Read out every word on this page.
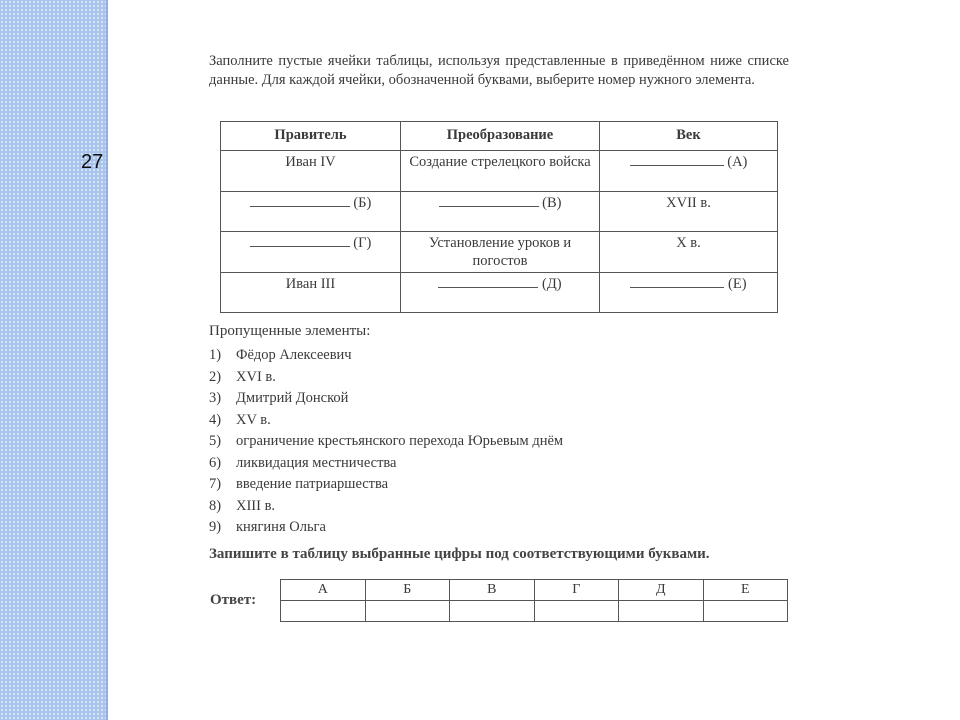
27

Заполните пустые ячейки таблицы, используя представленные в приведённом ниже списке данные. Для каждой ячейки, обозначенной буквами, выберите номер нужного элемента.

Правитель	Преобразование	Век
Иван IV	Создание стрелецкого войска	(А)
(Б)	(В)	XVII в.
(Г)	Установление уроков и погостов	X в.
Иван III	(Д)	(Е)
Пропущенные элементы:
1) Фёдор Алексеевич
2) XVI в.
3) Дмитрий Донской
4) XV в.
5) ограничение крестьянского перехода Юрьевым днём
6) ликвидация местничества
7) введение патриаршества
8) XIII в.
9) княгиня Ольга
Запишите в таблицу выбранные цифры под соответствующими буквами.
Ответ:
А	Б	В	Г	Д	Е
